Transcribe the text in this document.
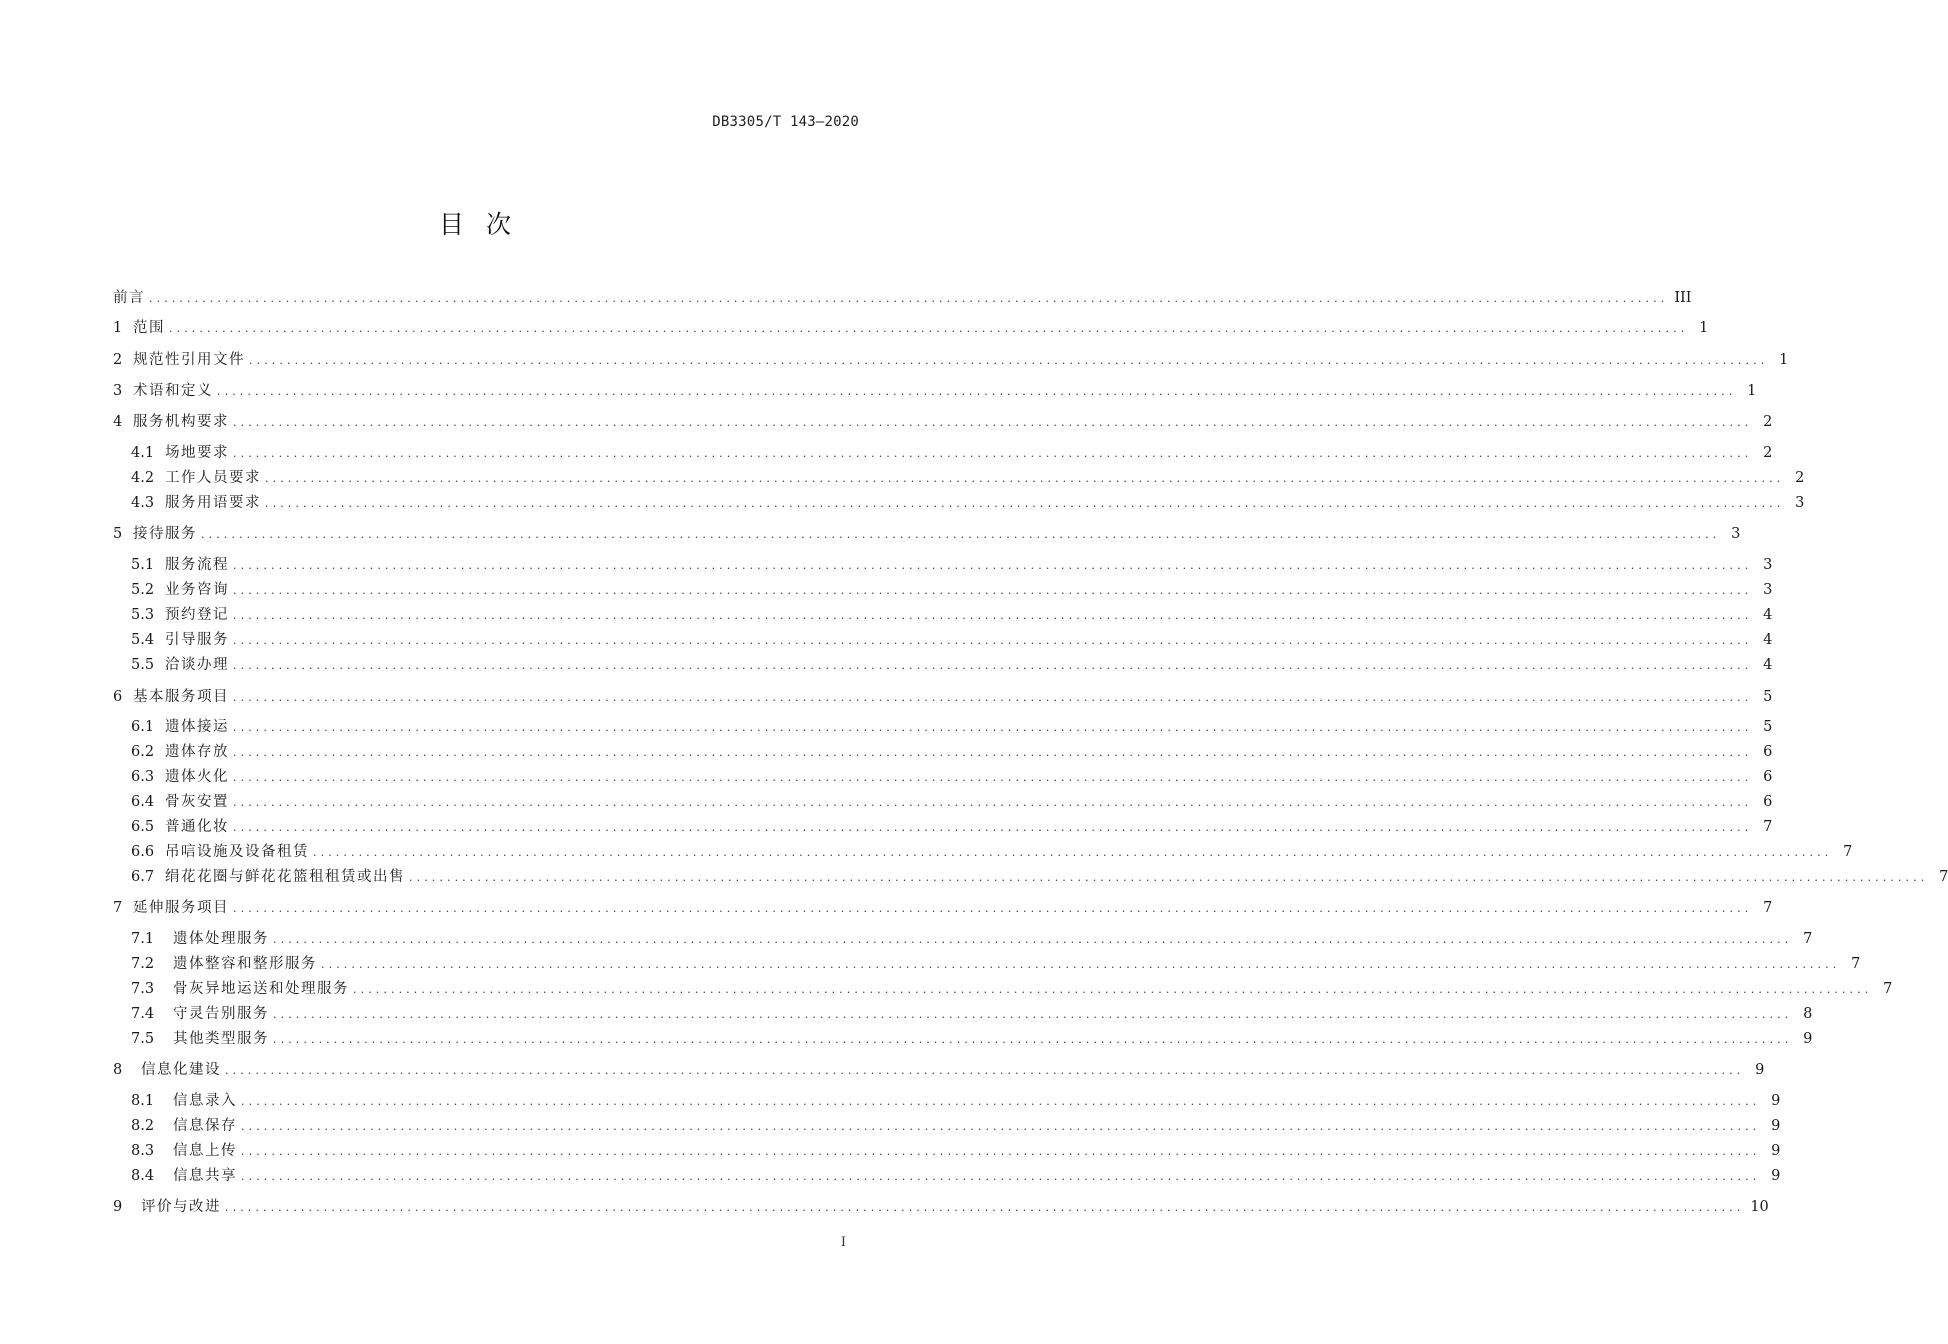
DB3305/T 143—2020
目次
前言 ........................................................................................................................................................................................................ III
1 范围 ........................................................................................................................................................................................................ 1
2 规范性引用文件 ........................................................................................................................................................................................................ 1
3 术语和定义 ........................................................................................................................................................................................................ 1
4 服务机构要求 ........................................................................................................................................................................................................ 2
4.1 场地要求 ........................................................................................................................................................................................................ 2
4.2 工作人员要求 ........................................................................................................................................................................................................ 2
4.3 服务用语要求 ........................................................................................................................................................................................................ 3
5 接待服务 ........................................................................................................................................................................................................ 3
5.1 服务流程 ........................................................................................................................................................................................................ 3
5.2 业务咨询 ........................................................................................................................................................................................................ 3
5.3 预约登记 ........................................................................................................................................................................................................ 4
5.4 引导服务 ........................................................................................................................................................................................................ 4
5.5 洽谈办理 ........................................................................................................................................................................................................ 4
6 基本服务项目 ........................................................................................................................................................................................................ 5
6.1 遗体接运 ........................................................................................................................................................................................................ 5
6.2 遗体存放 ........................................................................................................................................................................................................ 6
6.3 遗体火化 ........................................................................................................................................................................................................ 6
6.4 骨灰安置 ........................................................................................................................................................................................................ 6
6.5 普通化妆 ........................................................................................................................................................................................................ 7
6.6 吊唁设施及设备租赁 ........................................................................................................................................................................................................ 7
6.7 绢花花圈与鲜花花篮租租赁或出售 ........................................................................................................................................................................................................ 7
7 延伸服务项目 ........................................................................................................................................................................................................ 7
7.1 遗体处理服务 ........................................................................................................................................................................................................ 7
7.2 遗体整容和整形服务 ........................................................................................................................................................................................................ 7
7.3 骨灰异地运送和处理服务 ........................................................................................................................................................................................................ 7
7.4 守灵告别服务 ........................................................................................................................................................................................................ 8
7.5 其他类型服务 ........................................................................................................................................................................................................ 9
8 信息化建设 ........................................................................................................................................................................................................ 9
8.1 信息录入 ........................................................................................................................................................................................................ 9
8.2 信息保存 ........................................................................................................................................................................................................ 9
8.3 信息上传 ........................................................................................................................................................................................................ 9
8.4 信息共享 ........................................................................................................................................................................................................ 9
9 评价与改进 ........................................................................................................................................................................................................ 10
I
